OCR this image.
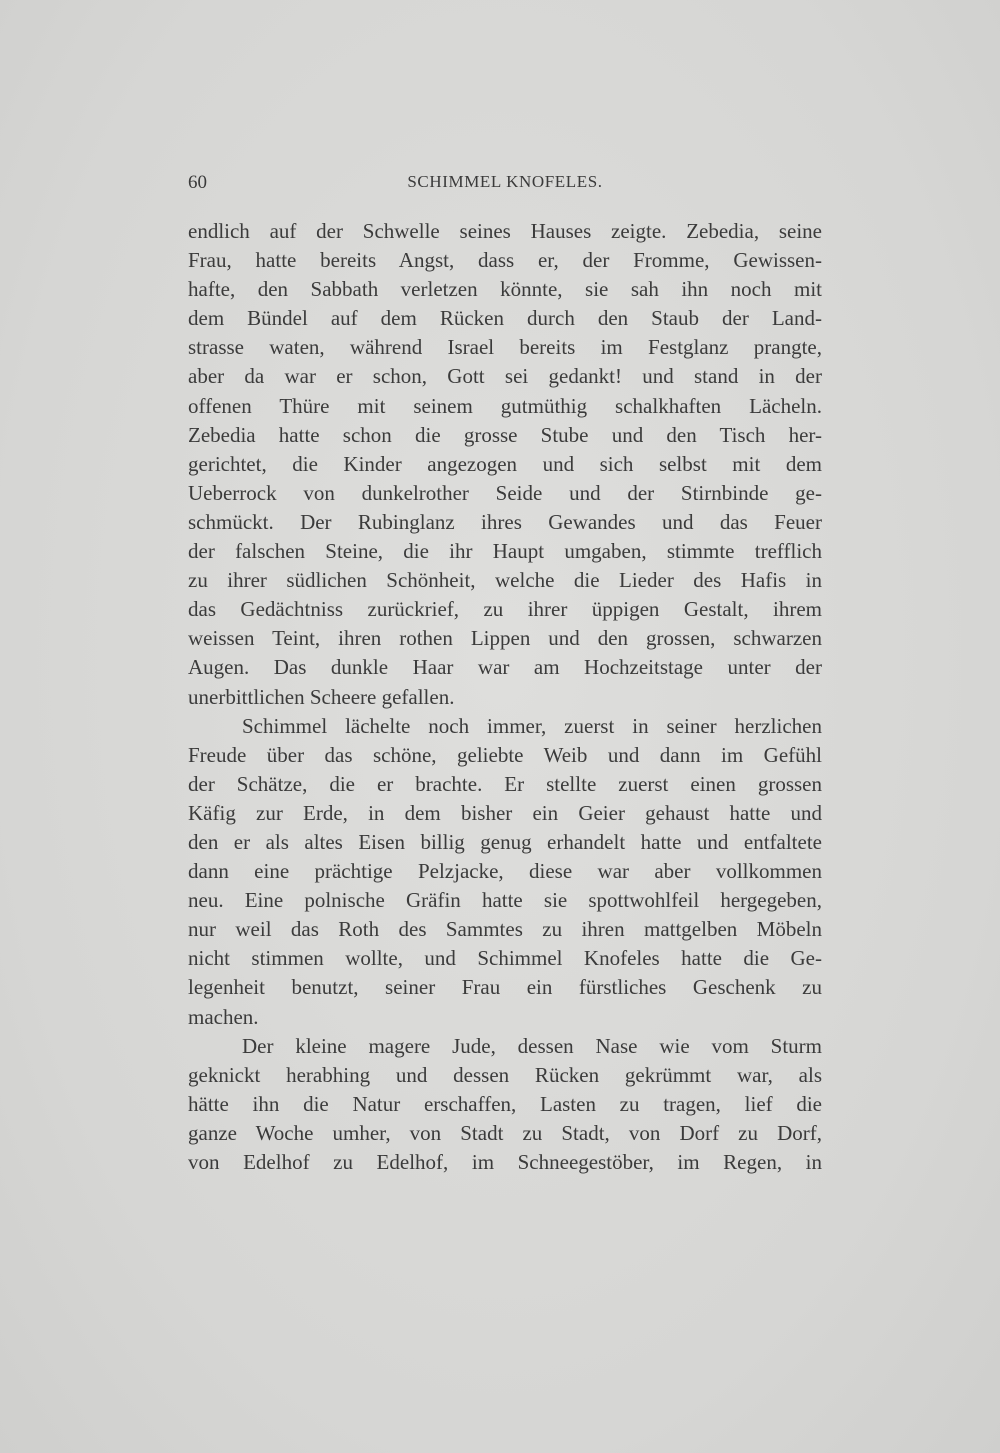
60	SCHIMMEL KNOFELES.
endlich auf der Schwelle seines Hauses zeigte. Zebedia, seine
Frau, hatte bereits Angst, dass er, der Fromme, Gewissen-
hafte, den Sabbath verletzen könnte, sie sah ihn noch mit
dem Bündel auf dem Rücken durch den Staub der Land-
strasse waten, während Israel bereits im Festglanz prangte,
aber da war er schon, Gott sei gedankt! und stand in der
offenen Thüre mit seinem gutmüthig schalkhaften Lächeln.
Zebedia hatte schon die grosse Stube und den Tisch her-
gerichtet, die Kinder angezogen und sich selbst mit dem
Ueberrock von dunkelrother Seide und der Stirnbinde ge-
schmückt. Der Rubinglanz ihres Gewandes und das Feuer
der falschen Steine, die ihr Haupt umgaben, stimmte trefflich
zu ihrer südlichen Schönheit, welche die Lieder des Hafis in
das Gedächtniss zurückrief, zu ihrer üppigen Gestalt, ihrem
weissen Teint, ihren rothen Lippen und den grossen, schwarzen
Augen. Das dunkle Haar war am Hochzeitstage unter der
unerbittlichen Scheere gefallen.
Schimmel lächelte noch immer, zuerst in seiner herzlichen
Freude über das schöne, geliebte Weib und dann im Gefühl
der Schätze, die er brachte. Er stellte zuerst einen grossen
Käfig zur Erde, in dem bisher ein Geier gehaust hatte und
den er als altes Eisen billig genug erhandelt hatte und entfaltete
dann eine prächtige Pelzjacke, diese war aber vollkommen
neu. Eine polnische Gräfin hatte sie spottwohlfeil hergegeben,
nur weil das Roth des Sammtes zu ihren mattgelben Möbeln
nicht stimmen wollte, und Schimmel Knofeles hatte die Ge-
legenheit benutzt, seiner Frau ein fürstliches Geschenk zu
machen.
Der kleine magere Jude, dessen Nase wie vom Sturm
geknickt herabhing und dessen Rücken gekrümmt war, als
hätte ihn die Natur erschaffen, Lasten zu tragen, lief die
ganze Woche umher, von Stadt zu Stadt, von Dorf zu Dorf,
von Edelhof zu Edelhof, im Schneegestöber, im Regen, in
